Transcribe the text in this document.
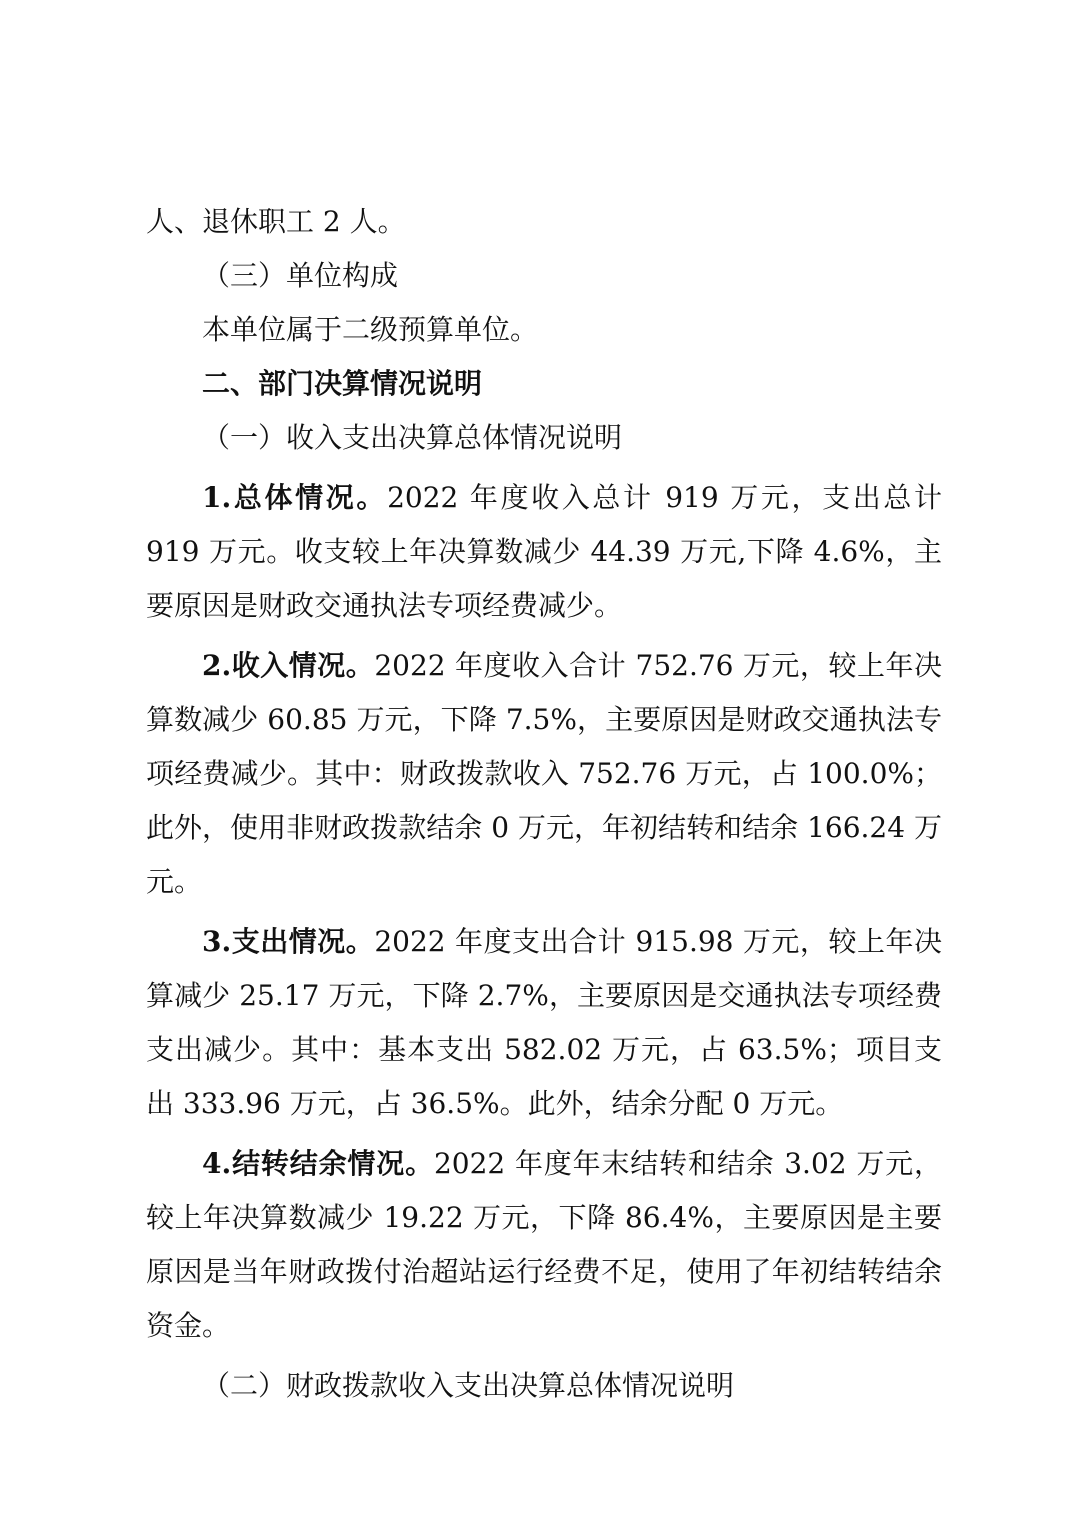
人、退休职工 2 人。

（三）单位构成

本单位属于二级预算单位。

二、部门决算情况说明

（一）收入支出决算总体情况说明

1.总体情况。2022 年度收入总计 919 万元，支出总计 919 万元。收支较上年决算数减少 44.39 万元,下降 4.6%，主要原因是财政交通执法专项经费减少。

2.收入情况。2022 年度收入合计 752.76 万元，较上年决算数减少 60.85 万元，下降 7.5%，主要原因是财政交通执法专项经费减少。其中：财政拨款收入 752.76 万元，占 100.0%；此外，使用非财政拨款结余 0 万元，年初结转和结余 166.24 万元。

3.支出情况。2022 年度支出合计 915.98 万元，较上年决算减少 25.17 万元，下降 2.7%，主要原因是交通执法专项经费支出减少。其中：基本支出 582.02 万元，占 63.5%；项目支出 333.96 万元，占 36.5%。此外，结余分配 0 万元。

4.结转结余情况。2022 年度年末结转和结余 3.02 万元，较上年决算数减少 19.22 万元，下降 86.4%，主要原因是主要原因是当年财政拨付治超站运行经费不足，使用了年初结转结余资金。

（二）财政拨款收入支出决算总体情况说明
